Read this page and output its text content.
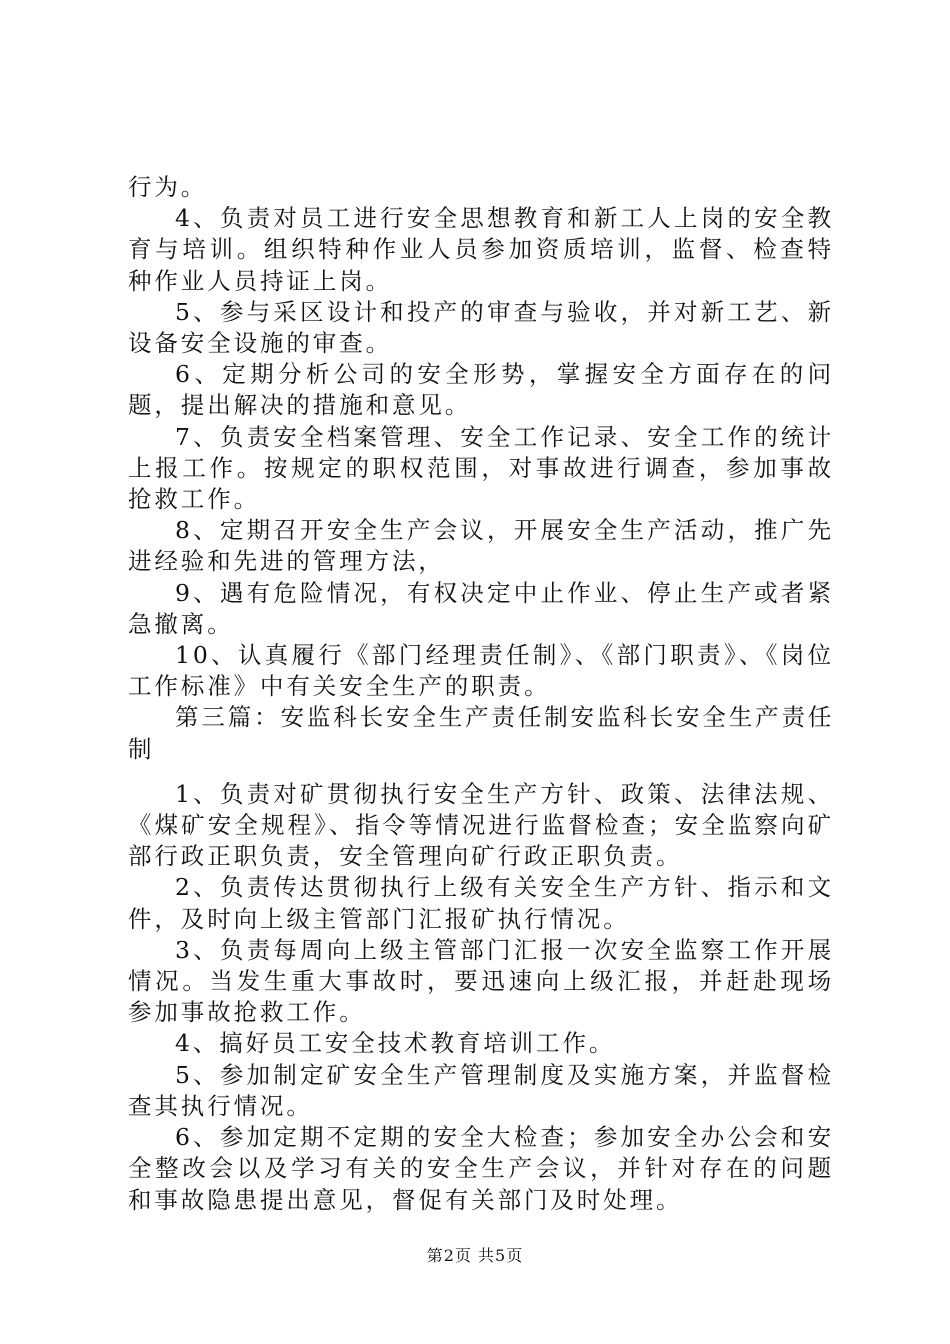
行为。

4、负责对员工进行安全思想教育和新工人上岗的安全教育与培训。组织特种作业人员参加资质培训，监督、检查特种作业人员持证上岗。

5、参与采区设计和投产的审查与验收，并对新工艺、新设备安全设施的审查。

6、定期分析公司的安全形势，掌握安全方面存在的问题，提出解决的措施和意见。

7、负责安全档案管理、安全工作记录、安全工作的统计上报工作。按规定的职权范围，对事故进行调查，参加事故抢救工作。

8、定期召开安全生产会议，开展安全生产活动，推广先进经验和先进的管理方法，

9、遇有危险情况，有权决定中止作业、停止生产或者紧急撤离。

10、认真履行《部门经理责任制》、《部门职责》、《岗位工作标准》中有关安全生产的职责。

第三篇：安监科长安全生产责任制安监科长安全生产责任制

1、负责对矿贯彻执行安全生产方针、政策、法律法规、《煤矿安全规程》、指令等情况进行监督检查；安全监察向矿部行政正职负责，安全管理向矿行政正职负责。

2、负责传达贯彻执行上级有关安全生产方针、指示和文件，及时向上级主管部门汇报矿执行情况。

3、负责每周向上级主管部门汇报一次安全监察工作开展情况。当发生重大事故时，要迅速向上级汇报，并赶赴现场参加事故抢救工作。

4、搞好员工安全技术教育培训工作。

5、参加制定矿安全生产管理制度及实施方案，并监督检查其执行情况。

6、参加定期不定期的安全大检查；参加安全办公会和安全整改会以及学习有关的安全生产会议，并针对存在的问题和事故隐患提出意见，督促有关部门及时处理。

第2页 共5页
